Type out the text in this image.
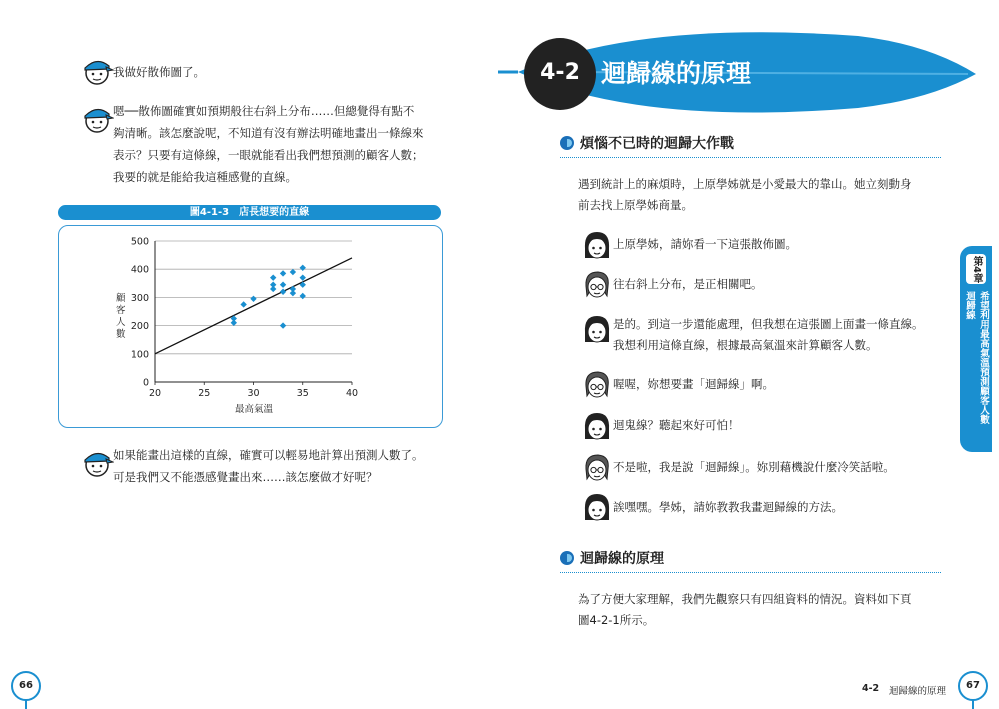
我做好散佈圖了。
嗯──散佈圖確實如預期般往右斜上分布……但總覺得有點不
夠清晰。該怎麼說呢，不知道有沒有辦法明確地畫出一條線來
表示？只要有這條線，一眼就能看出我們想預測的顧客人數；
我要的就是能給我這種感覺的直線。
圖4-1-3　店長想要的直線
0
100
200
300
400
500
20	25	30	35	40
最高氣溫
顧客人數
如果能畫出這樣的直線，確實可以輕易地計算出預測人數了。
可是我們又不能憑感覺畫出來……該怎麼做才好呢？
66
4-2 迴歸線的原理
煩惱不已時的迴歸大作戰
遇到統計上的麻煩時，上原學姊就是小愛最大的靠山。她立刻動身
前去找上原學姊商量。
上原學姊，請妳看一下這張散佈圖。
往右斜上分布，是正相關吧。
是的。到這一步還能處理，但我想在這張圖上面畫一條直線。
我想利用這條直線，根據最高氣溫來計算顧客人數。
喔喔，妳想要畫「迴歸線」啊。
迴鬼線？聽起來好可怕！
不是啦，我是說「迴歸線」。妳別藉機說什麼冷笑話啦。
誒嘿嘿。學姊，請妳教教我畫迴歸線的方法。
迴歸線的原理
為了方便大家理解，我們先觀察只有四組資料的情況。資料如下頁
圖4-2-1所示。
第4章
迴歸線 希望利用最高氣溫預測顧客人數
4-2 迴歸線的原理
67
